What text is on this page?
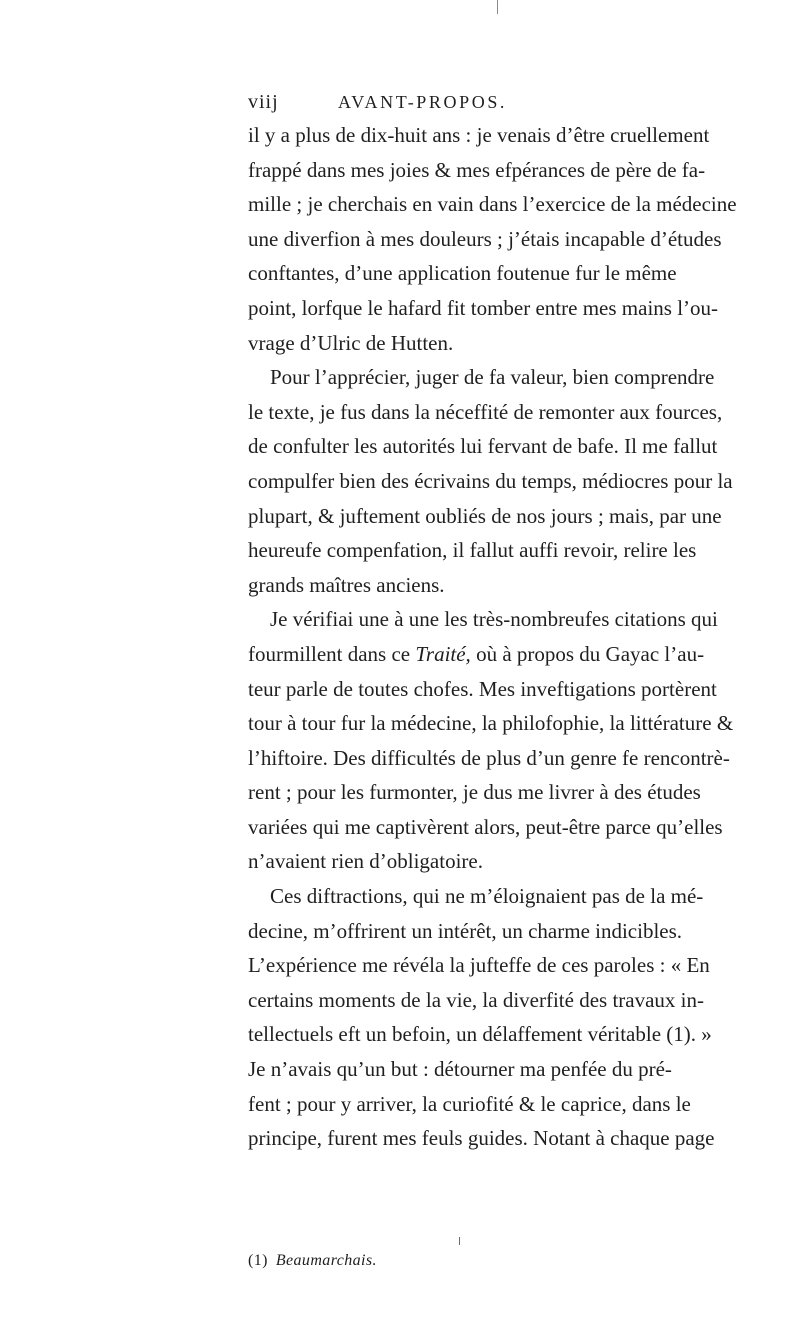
viij	AVANT-PROPOS.
il y a plus de dix-huit ans : je venais d’être cruellement
frappé dans mes joies & mes efpérances de père de fa-
mille ; je cherchais en vain dans l’exercice de la médecine
une diverfion à mes douleurs ; j’étais incapable d’études
conftantes, d’une application foutenue fur le même
point, lorfque le hafard fit tomber entre mes mains l’ou-
vrage d’Ulric de Hutten.
Pour l’apprécier, juger de fa valeur, bien comprendre
le texte, je fus dans la néceffité de remonter aux fources,
de confulter les autorités lui fervant de bafe. Il me fallut
compulfer bien des écrivains du temps, médiocres pour la
plupart, & juftement oubliés de nos jours ; mais, par une
heureufe compenfation, il fallut auffi revoir, relire les
grands maîtres anciens.
Je vérifiai une à une les très-nombreufes citations qui
fourmillent dans ce Traité, où à propos du Gayac l’au-
teur parle de toutes chofes. Mes inveftigations portèrent
tour à tour fur la médecine, la philofophie, la littérature &
l’hiftoire. Des difficultés de plus d’un genre fe rencontrè-
rent ; pour les furmonter, je dus me livrer à des études
variées qui me captivèrent alors, peut-être parce qu’elles
n’avaient rien d’obligatoire.
Ces diftractions, qui ne m’éloignaient pas de la mé-
decine, m’offrirent un intérêt, un charme indicibles.
L’expérience me révéla la jufteffe de ces paroles : « En
certains moments de la vie, la diverfité des travaux in-
tellectuels eft un befoin, un délaffement véritable (1). »
Je n’avais qu’un but : détourner ma penfée du pré-
fent ; pour y arriver, la curiofité & le caprice, dans le
principe, furent mes feuls guides. Notant à chaque page
(1) Beaumarchais.
